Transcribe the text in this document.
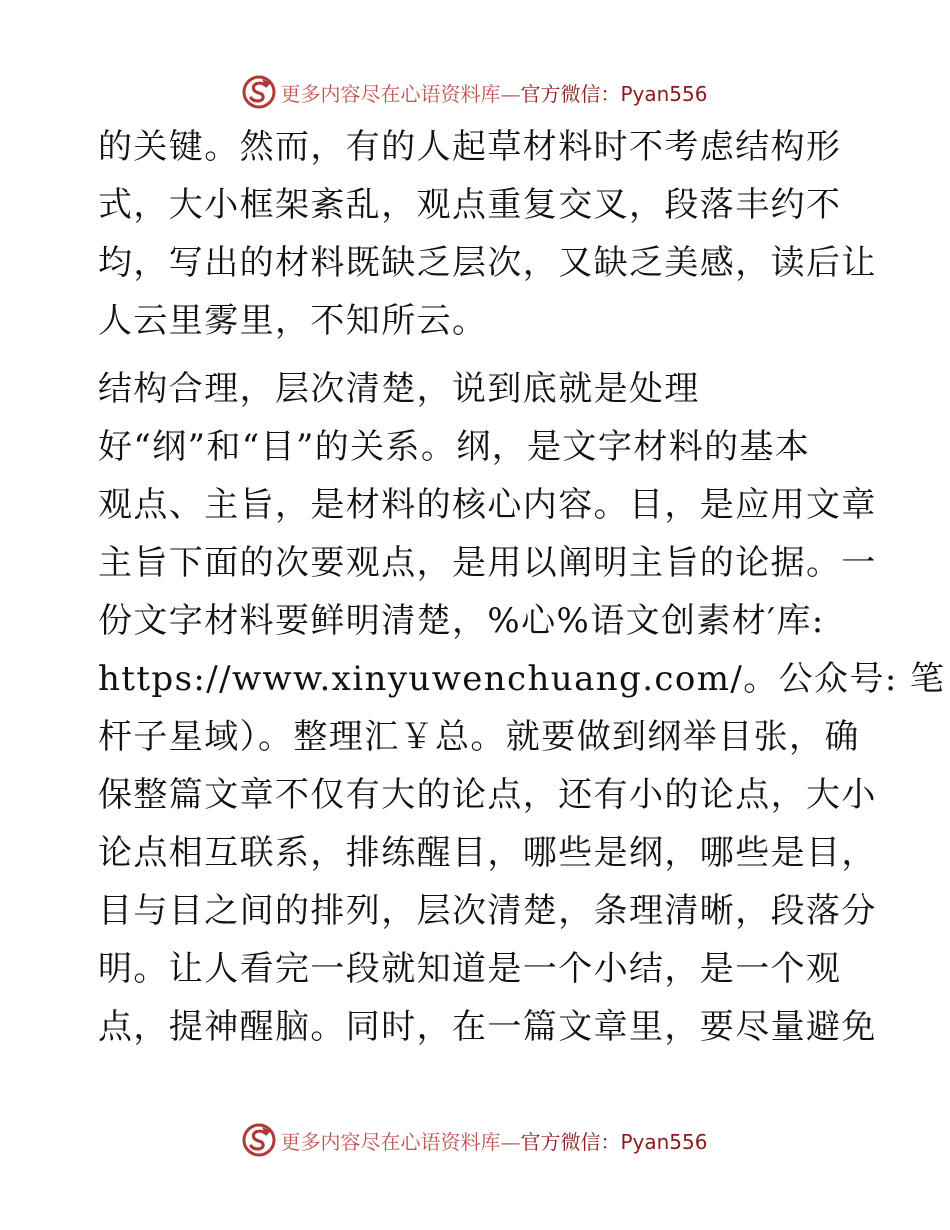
更多内容尽在心语资料库—官方微信：Pyan556

的关键。然而，有的人起草材料时不考虑结构形
式，大小框架紊乱，观点重复交叉，段落丰约不
均，写出的材料既缺乏层次，又缺乏美感，读后让
人云里雾里，不知所云。

结构合理，层次清楚，说到底就是处理
好“纲”和“目”的关系。纲，是文字材料的基本
观点、主旨，是材料的核心内容。目，是应用文章
主旨下面的次要观点，是用以阐明主旨的论据。一
份文字材料要鲜明清楚，%心%语文创素材′库:
https://www.xinyuwenchuang.com/。公众号: 笔
杆子星域）。整理汇￥总。就要做到纲举目张，确
保整篇文章不仅有大的论点，还有小的论点，大小
论点相互联系，排练醒目，哪些是纲，哪些是目，
目与目之间的排列，层次清楚，条理清晰，段落分
明。让人看完一段就知道是一个小结，是一个观
点，提神醒脑。同时，在一篇文章里，要尽量避免

更多内容尽在心语资料库—官方微信：Pyan556
